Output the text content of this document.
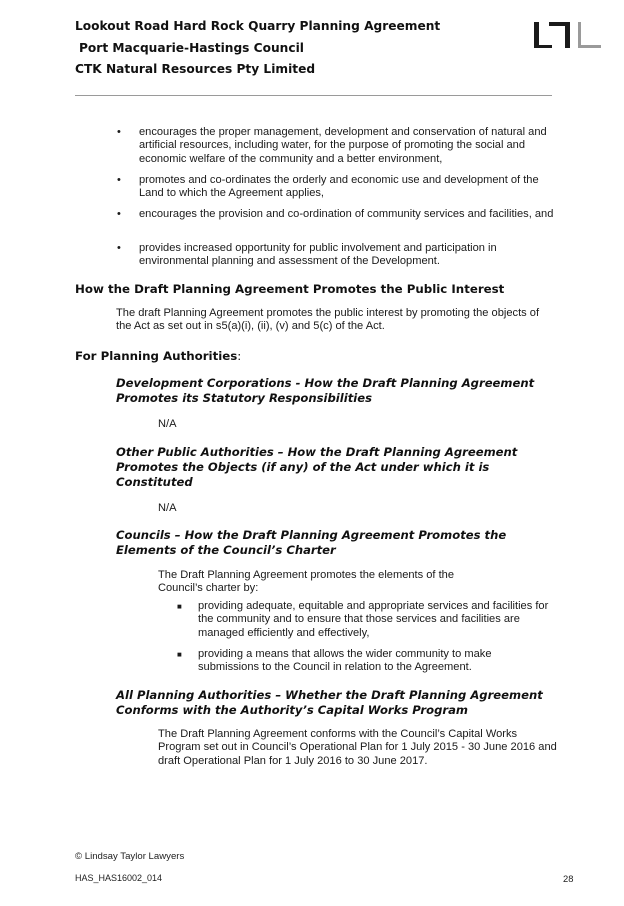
Lookout Road Hard Rock Quarry Planning Agreement
Port Macquarie-Hastings Council
CTK Natural Resources Pty Limited
• encourages the proper management, development and conservation of natural and artificial resources, including water, for the purpose of promoting the social and economic welfare of the community and a better environment,
• promotes and co-ordinates the orderly and economic use and development of the Land to which the Agreement applies,
• encourages the provision and co-ordination of community services and facilities, and
• provides increased opportunity for public involvement and participation in environmental planning and assessment of the Development.
How the Draft Planning Agreement Promotes the Public Interest
The draft Planning Agreement promotes the public interest by promoting the objects of the Act as set out in s5(a)(i), (ii), (v) and 5(c) of the Act.
For Planning Authorities:
Development Corporations - How the Draft Planning Agreement
Promotes its Statutory Responsibilities
N/A
Other Public Authorities – How the Draft Planning Agreement
Promotes the Objects (if any) of the Act under which it is
Constituted
N/A
Councils – How the Draft Planning Agreement Promotes the
Elements of the Council’s Charter
The Draft Planning Agreement promotes the elements of the Council’s charter by:
■ providing adequate, equitable and appropriate services and facilities for the community and to ensure that those services and facilities are managed efficiently and effectively,
■ providing a means that allows the wider community to make submissions to the Council in relation to the Agreement.
All Planning Authorities – Whether the Draft Planning Agreement
Conforms with the Authority’s Capital Works Program
The Draft Planning Agreement conforms with the Council’s Capital Works Program set out in Council’s Operational Plan for 1 July 2015 - 30 June 2016 and draft Operational Plan for 1 July 2016 to 30 June 2017.
© Lindsay Taylor Lawyers
HAS_HAS16002_014	28
